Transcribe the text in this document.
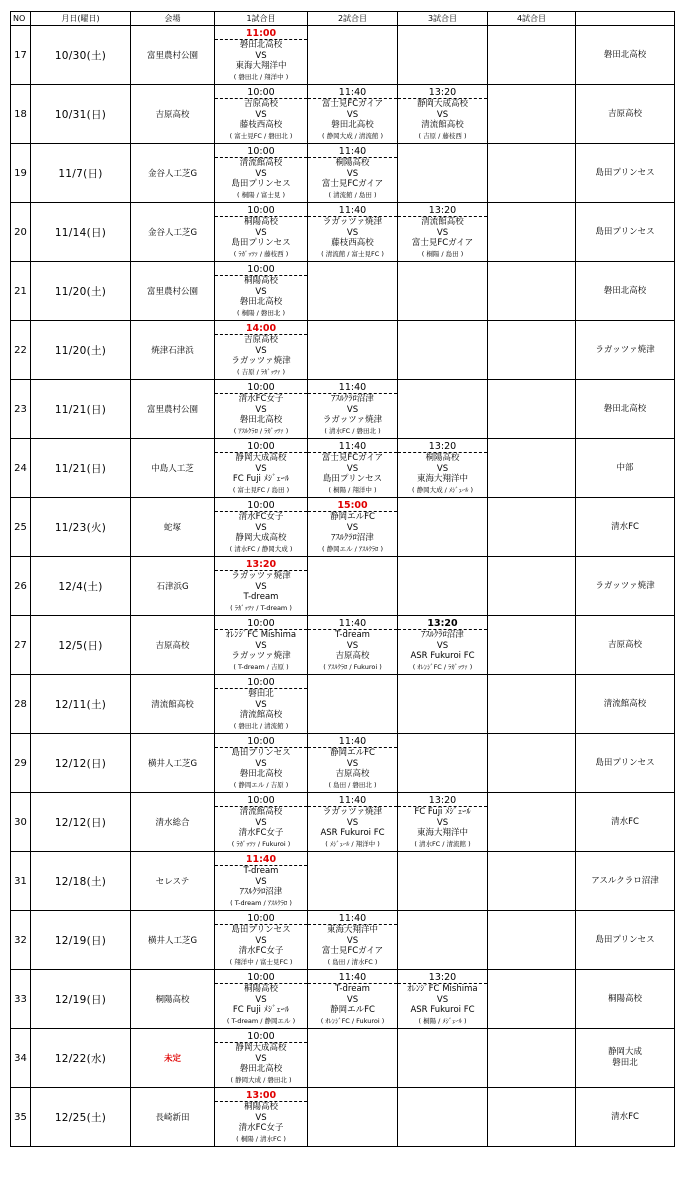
NO	月日(曜日)	会場	1試合目	2試合目	3試合目	4試合目	
17	10/30(土)	富里農村公園	11:00
磐田北高校
VS
東海大翔洋中
( 磐田北 / 翔洋中 )				磐田北高校

18	10/31(日)	吉原高校	10:00
吉原高校
VS
藤枝西高校
( 富士見FC / 磐田北 )	11:40
富士見FCガイア
VS
磐田北高校
( 静岡大成 / 清流館 )	13:20
静岡大成高校
VS
清流館高校
( 吉原 / 藤枝西 )		吉原高校

19	11/7(日)	金谷人工芝G	10:00
清流館高校
VS
島田プリンセス
( 桐陽 / 富士見 )	11:40
桐陽高校
VS
富士見FCガイア
( 清流館 / 島田 )			島田プリンセス

20	11/14(日)	金谷人工芝G	10:00
桐陽高校
VS
島田プリンセス
( ﾗｶﾞｯﾂｧ / 藤枝西 )	11:40
ラガッツァ焼津
VS
藤枝西高校
( 清流館 / 富士見FC )	13:20
清流館高校
VS
富士見FCガイア
( 桐陽 / 島田 )		島田プリンセス

21	11/20(土)	富里農村公園	10:00
桐陽高校
VS
磐田北高校
( 桐陽 / 磐田北 )				磐田北高校

22	11/20(土)	焼津石津浜	14:00
吉原高校
VS
ラガッツァ焼津
( 吉原 / ﾗｶﾞｯﾂｧ )				ラガッツァ焼津

23	11/21(日)	富里農村公園	10:00
清水FC女子
VS
磐田北高校
( ｱｽﾙｸﾗﾛ / ﾗｶﾞｯﾂｧ )	11:40
ｱｽﾙｸﾗﾛ沼津
VS
ラガッツァ焼津
( 清水FC / 磐田北 )			磐田北高校

24	11/21(日)	中島人工芝	10:00
静岡大成高校
VS
FC Fuji ﾒｼﾞｪｰﾙ
( 富士見FC / 島田 )	11:40
富士見FCガイア
VS
島田プリンセス
( 桐陽 / 翔洋中 )	13:20
桐陽高校
VS
東海大翔洋中
( 静岡大成 / ﾒｼﾞｪｰﾙ )		中部

25	11/23(火)	蛇塚	10:00
清水FC女子
VS
静岡大成高校
( 清水FC / 静岡大成 )	15:00
静岡エルFC
VS
ｱｽﾙｸﾗﾛ沼津
( 静岡エル / ｱｽﾙｸﾗﾛ )			清水FC

26	12/4(土)	石津浜G	13:20
ラガッツァ焼津
VS
T-dream
( ﾗｶﾞｯﾂｧ / T-dream )				ラガッツァ焼津

27	12/5(日)	吉原高校	10:00
ｵﾚﾝｼﾞFC Mishima
VS
ラガッツァ焼津
( T-dream / 吉原 )	11:40
T-dream
VS
吉原高校
( ｱｽﾙｸﾗﾛ / Fukuroi )	13:20
ｱｽﾙｸﾗﾛ沼津
VS
ASR Fukuroi FC
( ｵﾚﾝｼﾞFC / ﾗｶﾞｯﾂｧ )		吉原高校

28	12/11(土)	清流館高校	10:00
磐田北
VS
清流館高校
( 磐田北 / 清流館 )				清流館高校

29	12/12(日)	横井人工芝G	10:00
島田プリンセス
VS
磐田北高校
( 静岡エル / 吉原 )	11:40
静岡エルFC
VS
吉原高校
( 島田 / 磐田北 )			島田プリンセス

30	12/12(日)	清水総合	10:00
清流館高校
VS
清水FC女子
( ﾗｶﾞｯﾂｧ / Fukuroi )	11:40
ラガッツァ焼津
VS
ASR Fukuroi FC
( ﾒｼﾞｪｰﾙ / 翔洋中 )	13:20
FC Fuji ﾒｼﾞｪｰﾙ
VS
東海大翔洋中
( 清水FC / 清流館 )		清水FC

31	12/18(土)	セレステ	11:40
T-dream
VS
ｱｽﾙｸﾗﾛ沼津
( T-dream / ｱｽﾙｸﾗﾛ )				アスルクラロ沼津

32	12/19(日)	横井人工芝G	10:00
島田プリンセス
VS
清水FC女子
( 翔洋中 / 富士見FC )	11:40
東海大翔洋中
VS
富士見FCガイア
( 島田 / 清水FC )			島田プリンセス

33	12/19(日)	桐陽高校	10:00
桐陽高校
VS
FC Fuji ﾒｼﾞｪｰﾙ
( T-dream / 静岡エル )	11:40
T-dream
VS
静岡エルFC
( ｵﾚﾝｼﾞFC / Fukuroi )	13:20
ｵﾚﾝｼﾞFC Mishima
VS
ASR Fukuroi FC
( 桐陽 / ﾒｼﾞｪｰﾙ )		桐陽高校

34	12/22(水)	未定	10:00
静岡大成高校
VS
磐田北高校
( 静岡大成 / 磐田北 )				静岡大成
磐田北

35	12/25(土)	長崎新田	13:00
桐陽高校
VS
清水FC女子
( 桐陽 / 清水FC )				清水FC
